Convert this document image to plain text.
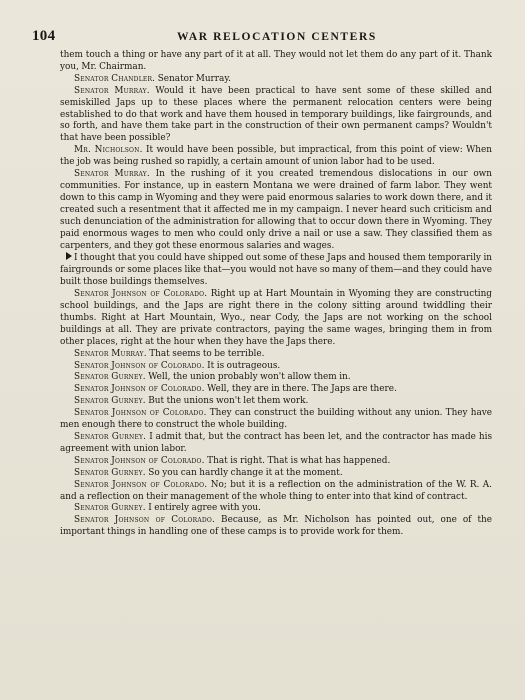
104	WAR RELOCATION CENTERS

them touch a thing or have any part of it at all. They would not let them do any part of it. Thank you, Mr. Chairman.

Senator Chandler. Senator Murray.

Senator Murray. Would it have been practical to have sent some of these skilled and semiskilled Japs up to these places where the permanent relocation centers were being established to do that work and have them housed in temporary buildings, like fairgrounds, and so forth, and have them take part in the construction of their own permanent camps? Wouldn't that have been possible?

Mr. Nicholson. It would have been possible, but impractical, from this point of view: When the job was being rushed so rapidly, a certain amount of union labor had to be used.

Senator Murray. In the rushing of it you created tremendous dislocations in our own communities. For instance, up in eastern Montana we were drained of farm labor. They went down to this camp in Wyoming and they were paid enormous salaries to work down there, and it created such a resentment that it affected me in my campaign. I never heard such criticism and such denunciation of the administration for allowing that to occur down there in Wyoming. They paid enormous wages to men who could only drive a nail or use a saw. They classified them as carpenters, and they got these enormous salaries and wages.

I thought that you could have shipped out some of these Japs and housed them temporarily in fairgrounds or some places like that—you would not have so many of them—and they could have built those buildings themselves.

Senator Johnson of Colorado. Right up at Hart Mountain in Wyoming they are constructing school buildings, and the Japs are right there in the colony sitting around twiddling their thumbs. Right at Hart Mountain, Wyo., near Cody, the Japs are not working on the school buildings at all. They are private contractors, paying the same wages, bringing them in from other places, right at the hour when they have the Japs there.

Senator Murray. That seems to be terrible.

Senator Johnson of Colorado. It is outrageous.

Senator Gurney. Well, the union probably won't allow them in.

Senator Johnson of Colorado. Well, they are in there. The Japs are there.

Senator Gurney. But the unions won't let them work.

Senator Johnson of Colorado. They can construct the building without any union. They have men enough there to construct the whole building.

Senator Gurney. I admit that, but the contract has been let, and the contractor has made his agreement with union labor.

Senator Johnson of Colorado. That is right. That is what has happened.

Senator Gurney. So you can hardly change it at the moment.

Senator Johnson of Colorado. No; but it is a reflection on the administration of the W. R. A. and a reflection on their management of the whole thing to enter into that kind of contract.

Senator Gurney. I entirely agree with you.

Senator Johnson of Colorado. Because, as Mr. Nicholson has pointed out, one of the important things in handling one of these camps is to provide work for them.
